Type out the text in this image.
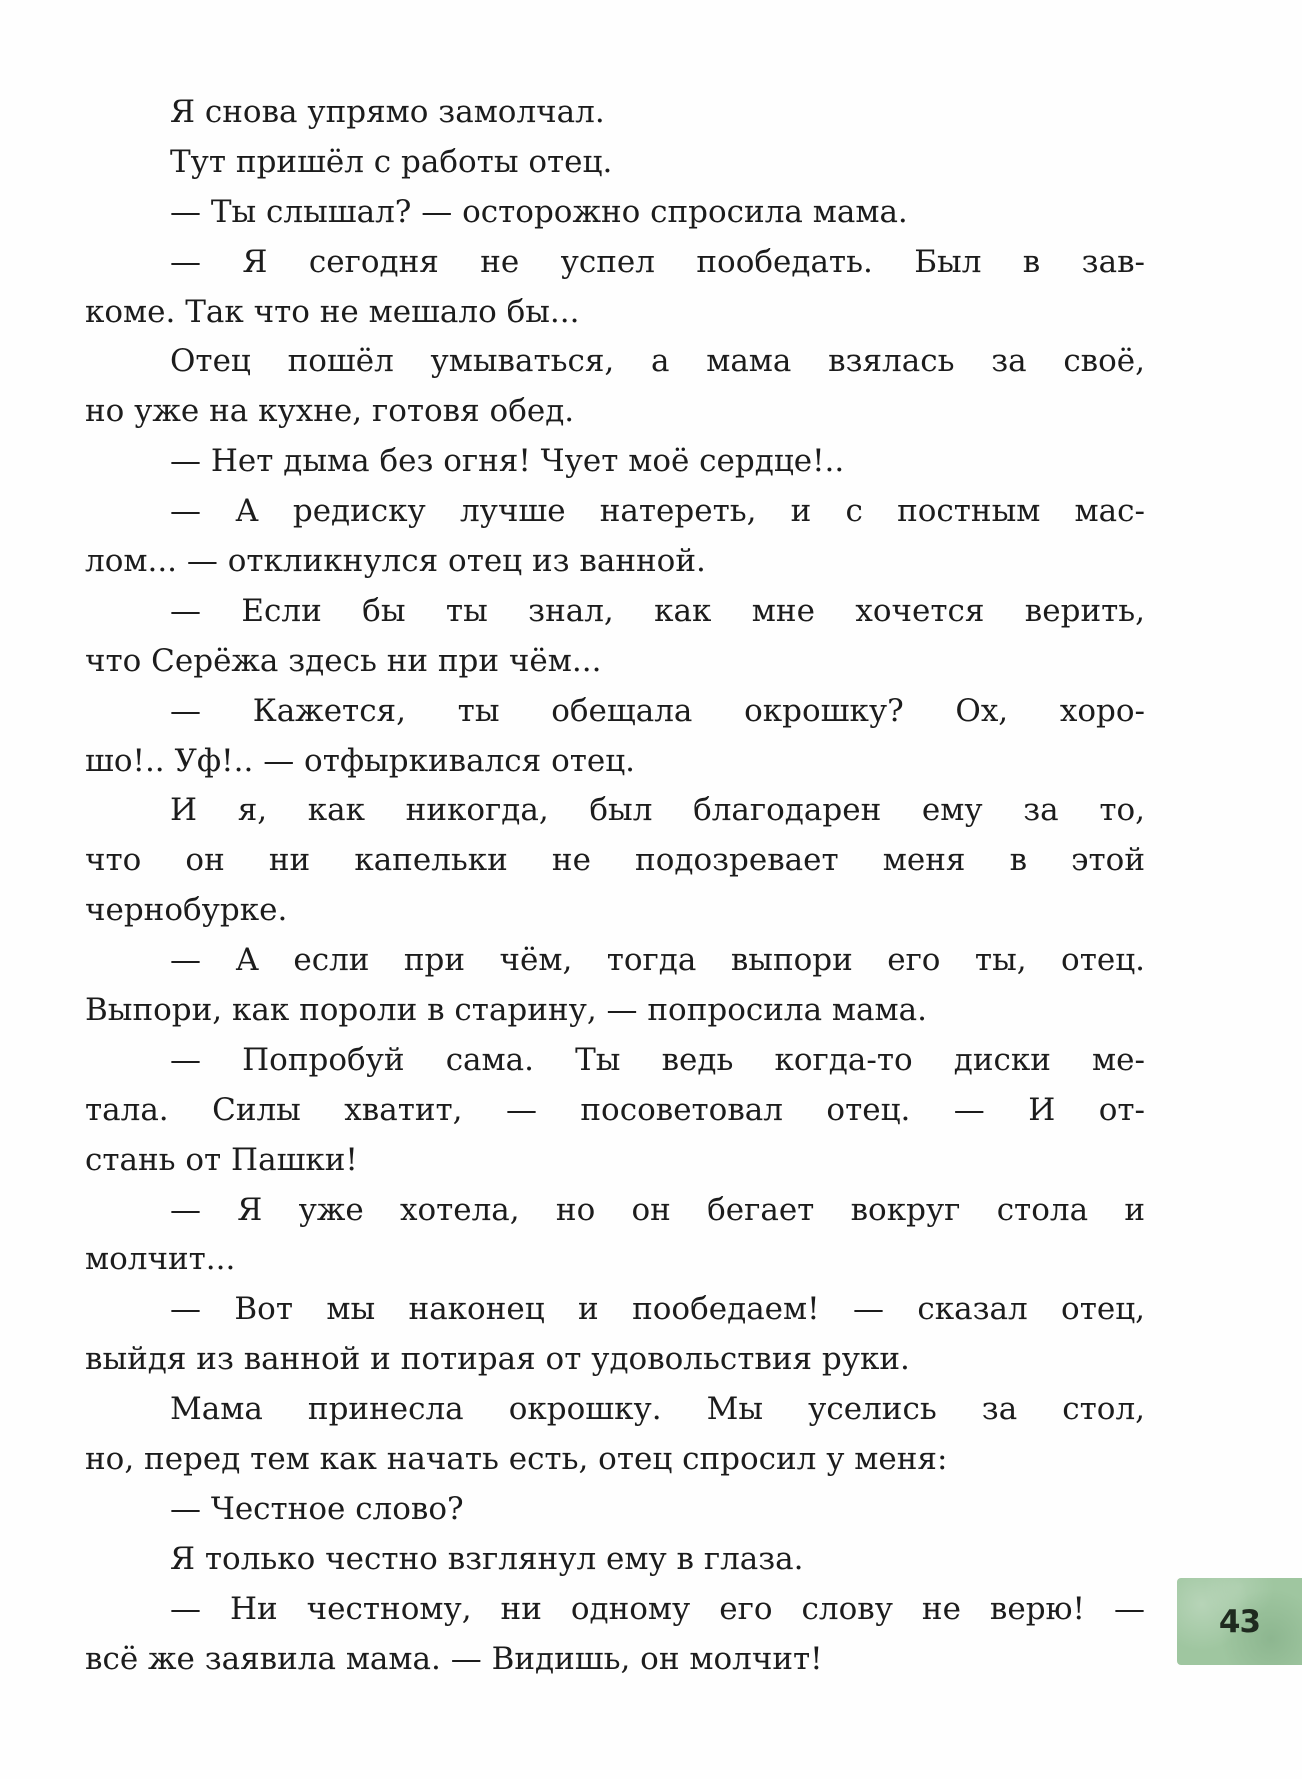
Я снова упрямо замолчал.
Тут пришёл с работы отец.
— Ты слышал? — осторожно спросила мама.
— Я сегодня не успел пообедать. Был в зав-
коме. Так что не мешало бы...
Отец пошёл умываться, а мама взялась за своё,
но уже на кухне, готовя обед.
— Нет дыма без огня! Чует моё сердце!..
— А редиску лучше натереть, и с постным мас-
лом... — откликнулся отец из ванной.
— Если бы ты знал, как мне хочется верить,
что Серёжа здесь ни при чём...
— Кажется, ты обещала окрошку? Ох, хоро-
шо!.. Уф!.. — отфыркивался отец.
И я, как никогда, был благодарен ему за то,
что он ни капельки не подозревает меня в этой
чернобурке.
— А если при чём, тогда выпори его ты, отец.
Выпори, как пороли в старину, — попросила мама.
— Попробуй сама. Ты ведь когда-то диски ме-
тала. Силы хватит, — посоветовал отец. — И от-
стань от Пашки!
— Я уже хотела, но он бегает вокруг стола и
молчит...
— Вот мы наконец и пообедаем! — сказал отец,
выйдя из ванной и потирая от удовольствия руки.
Мама принесла окрошку. Мы уселись за стол,
но, перед тем как начать есть, отец спросил у меня:
— Честное слово?
Я только честно взглянул ему в глаза.
— Ни честному, ни одному его слову не верю! —
всё же заявила мама. — Видишь, он молчит!
43
